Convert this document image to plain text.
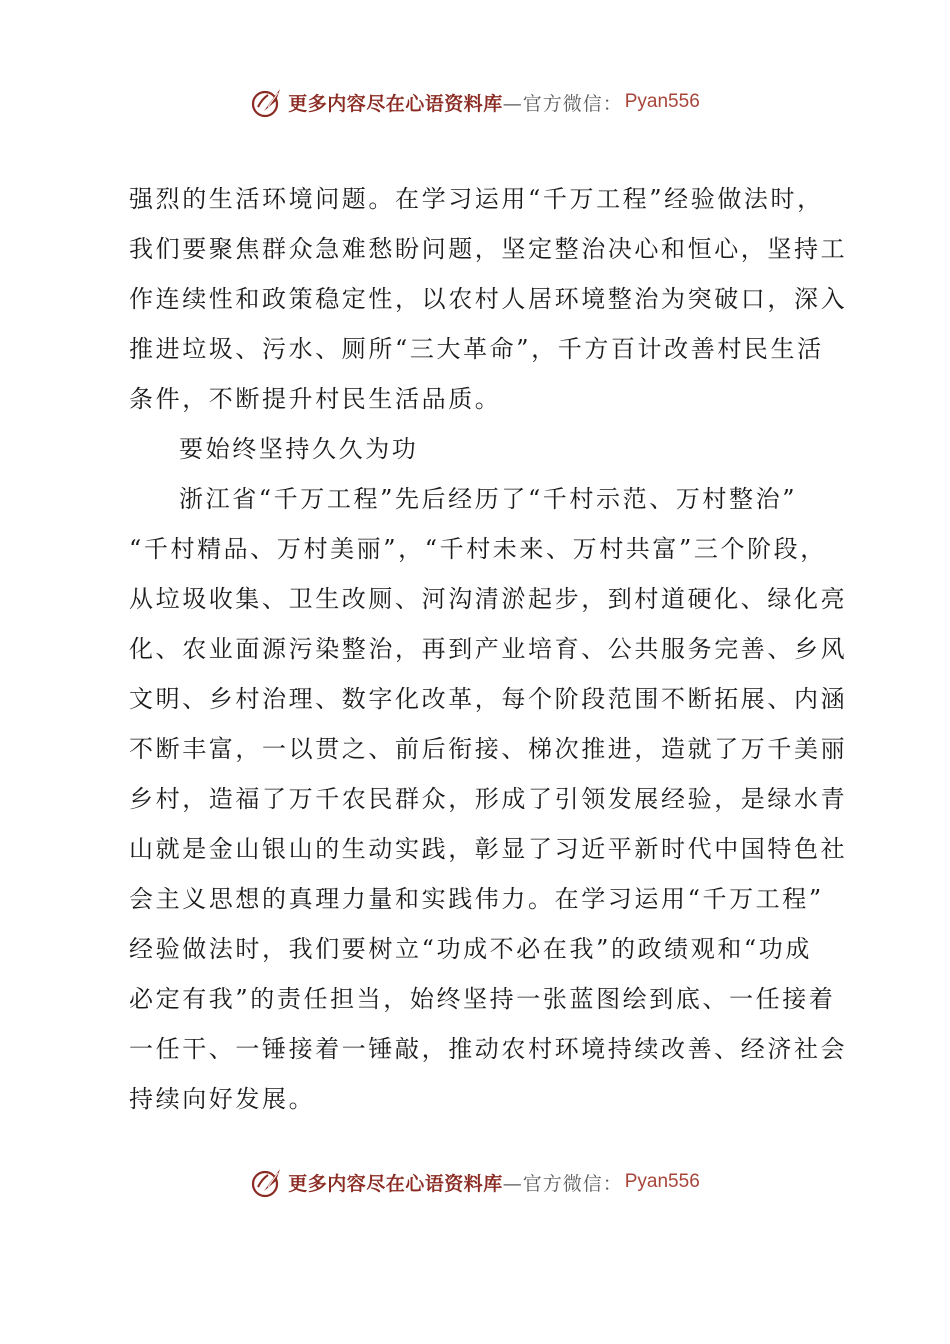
更多内容尽在心语资料库 —官方微信： Pyan556
强烈的生活环境问题。在学习运用“千万工程”经验做法时，
我们要聚焦群众急难愁盼问题，坚定整治决心和恒心，坚持工
作连续性和政策稳定性，以农村人居环境整治为突破口，深入
推进垃圾、污水、厕所“三大革命”，千方百计改善村民生活
条件，不断提升村民生活品质。
要始终坚持久久为功
浙江省“千万工程”先后经历了“千村示范、万村整治”
“千村精品、万村美丽”，“千村未来、万村共富”三个阶段，
从垃圾收集、卫生改厕、河沟清淤起步，到村道硬化、绿化亮
化、农业面源污染整治，再到产业培育、公共服务完善、乡风
文明、乡村治理、数字化改革，每个阶段范围不断拓展、内涵
不断丰富，一以贯之、前后衔接、梯次推进，造就了万千美丽
乡村，造福了万千农民群众，形成了引领发展经验，是绿水青
山就是金山银山的生动实践，彰显了习近平新时代中国特色社
会主义思想的真理力量和实践伟力。在学习运用“千万工程”
经验做法时，我们要树立“功成不必在我”的政绩观和“功成
必定有我”的责任担当，始终坚持一张蓝图绘到底、一任接着
一任干、一锤接着一锤敲，推动农村环境持续改善、经济社会
持续向好发展。
更多内容尽在心语资料库 —官方微信： Pyan556
